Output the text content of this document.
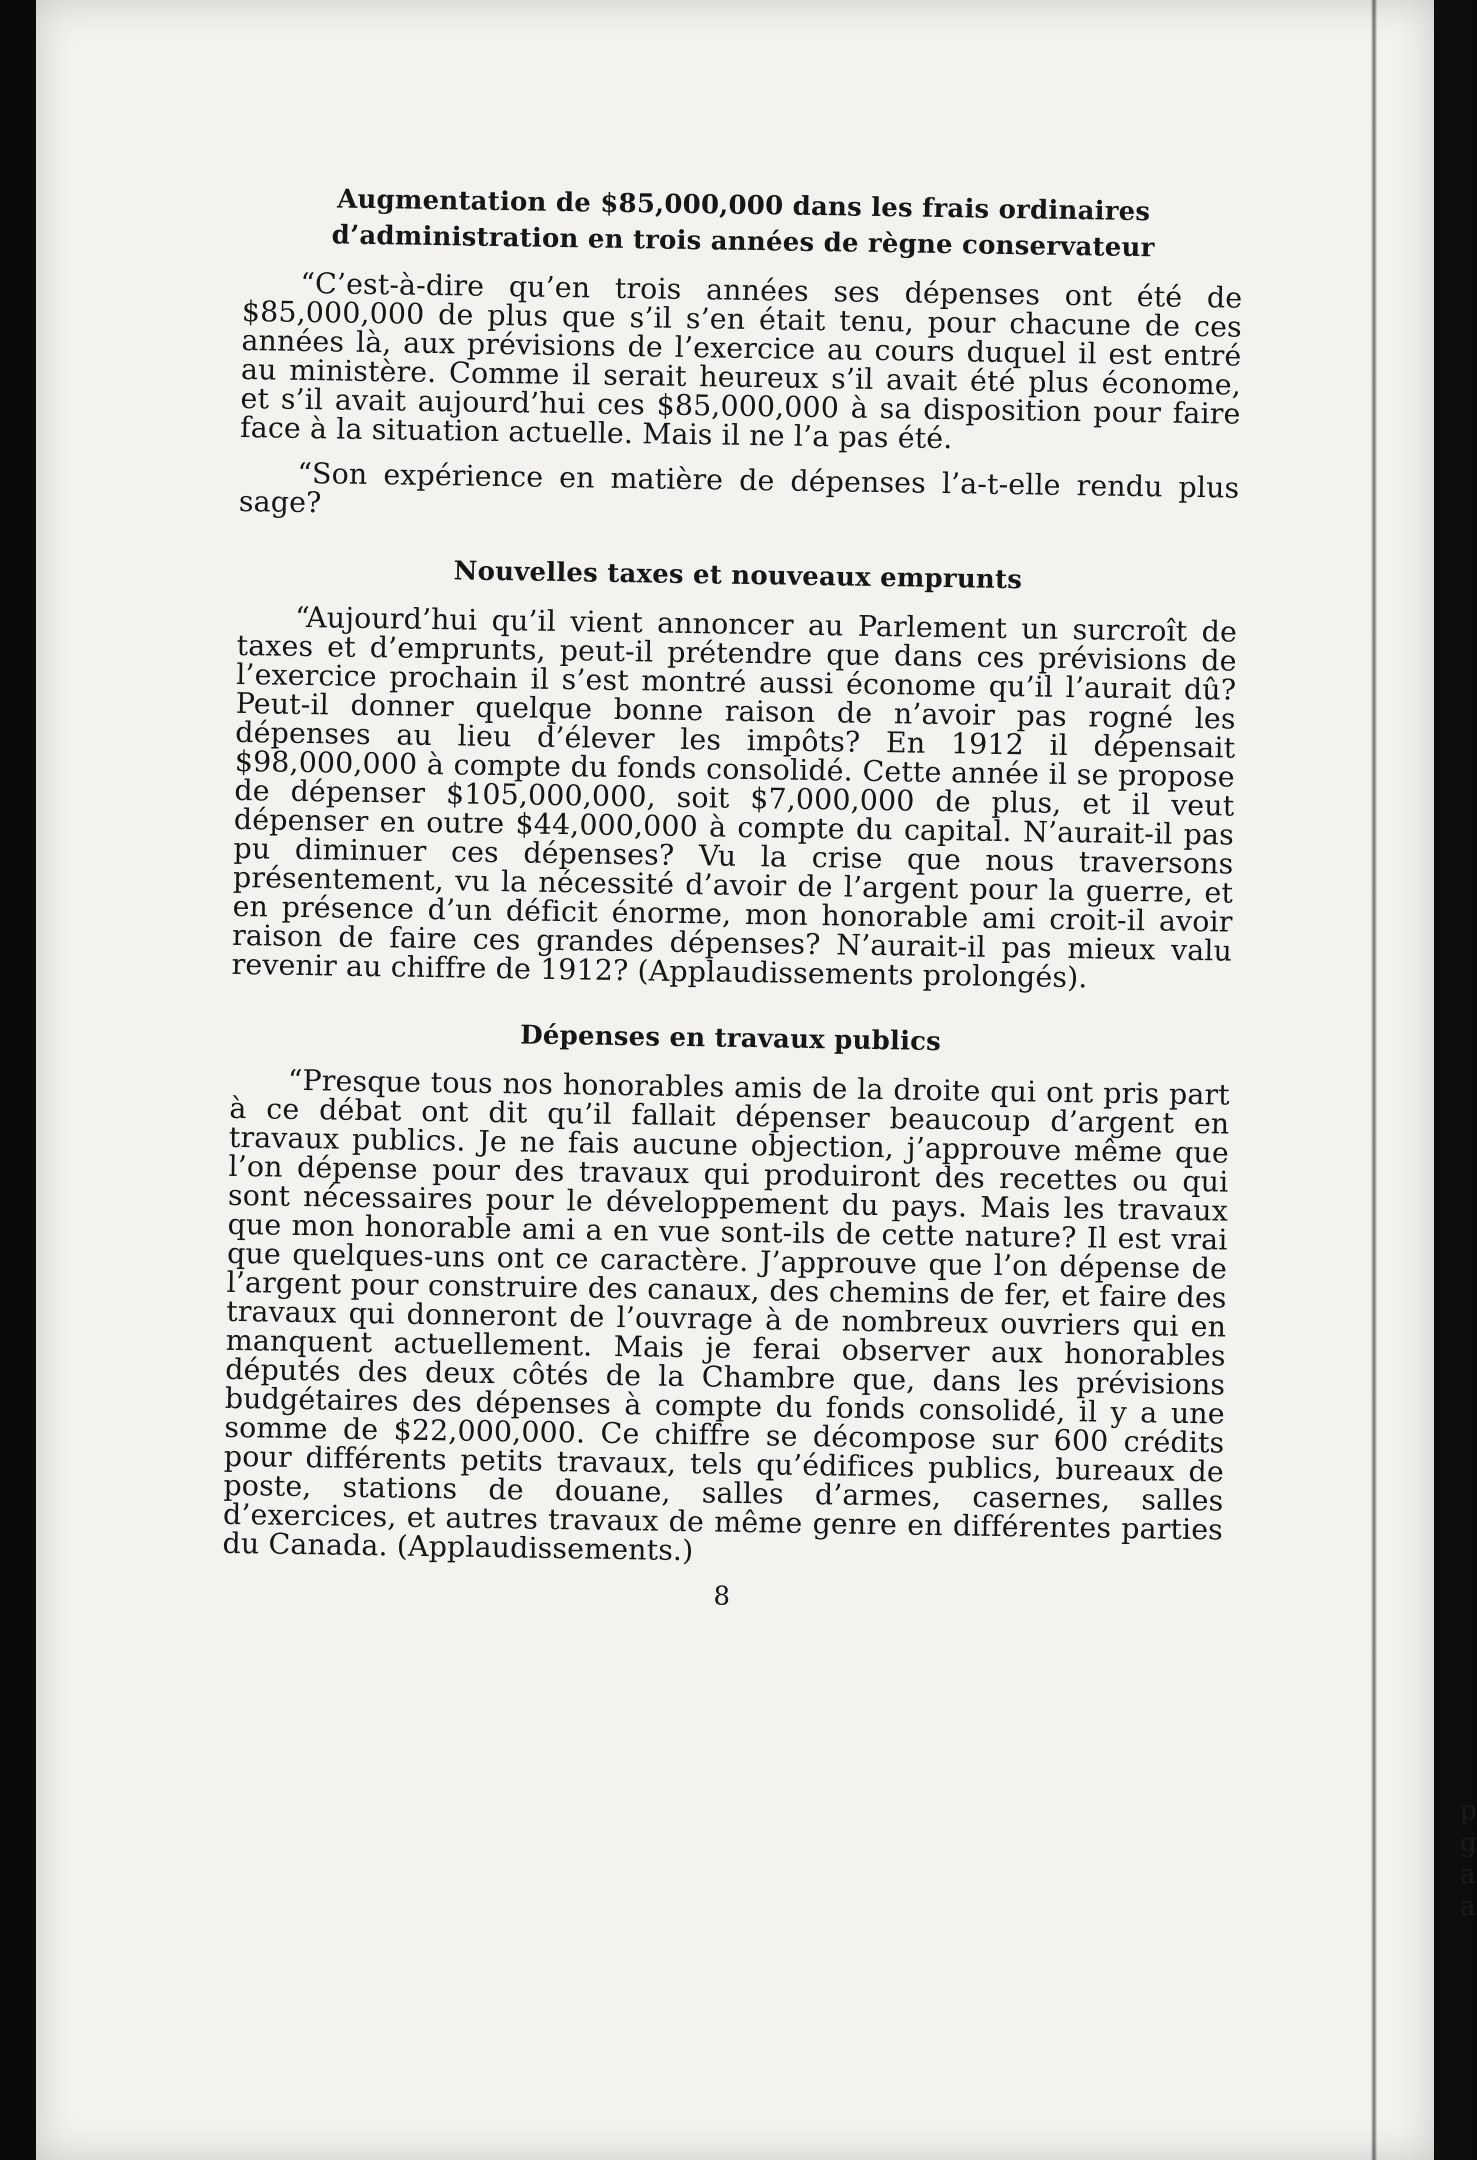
Augmentation de $85,000,000 dans les frais ordinaires d’administration en trois années de règne conservateur

“C’est-à-dire qu’en trois années ses dépenses ont été de $85,000,000 de plus que s’il s’en était tenu, pour chacune de ces années là, aux prévisions de l’exercice au cours duquel il est entré au ministère. Comme il serait heureux s’il avait été plus économe, et s’il avait aujourd’hui ces $85,000,000 à sa disposition pour faire face à la situation actuelle. Mais il ne l’a pas été.

“Son expérience en matière de dépenses l’a-t-elle rendu plus sage?

Nouvelles taxes et nouveaux emprunts

“Aujourd’hui qu’il vient annoncer au Parlement un surcroît de taxes et d’emprunts, peut-il prétendre que dans ces prévisions de l’exercice prochain il s’est montré aussi économe qu’il l’aurait dû? Peut-il donner quelque bonne raison de n’avoir pas rogné les dépenses au lieu d’élever les impôts? En 1912 il dépensait $98,000,000 à compte du fonds consolidé. Cette année il se propose de dépenser $105,000,000, soit $7,000,000 de plus, et il veut dépenser en outre $44,000,000 à compte du capital. N’aurait-il pas pu diminuer ces dépenses? Vu la crise que nous traversons présentement, vu la nécessité d’avoir de l’argent pour la guerre, et en présence d’un déficit énorme, mon honorable ami croit-il avoir raison de faire ces grandes dépenses? N’aurait-il pas mieux valu revenir au chiffre de 1912? (Applaudissements prolongés).

Dépenses en travaux publics

“Presque tous nos honorables amis de la droite qui ont pris part à ce débat ont dit qu’il fallait dépenser beaucoup d’argent en travaux publics. Je ne fais aucune objection, j’approuve même que l’on dépense pour des travaux qui produiront des recettes ou qui sont nécessaires pour le développement du pays. Mais les travaux que mon honorable ami a en vue sont-ils de cette nature? Il est vrai que quelques-uns ont ce caractère. J’approuve que l’on dépense de l’argent pour construire des canaux, des chemins de fer, et faire des travaux qui donneront de l’ouvrage à de nombreux ouvriers qui en manquent actuellement. Mais je ferai observer aux honorables députés des deux côtés de la Chambre que, dans les prévisions budgétaires des dépenses à compte du fonds consolidé, il y a une somme de $22,000,000. Ce chiffre se décompose sur 600 crédits pour différents petits travaux, tels qu’édifices publics, bureaux de poste, stations de douane, salles d’armes, casernes, salles d’exercices, et autres travaux de même genre en différentes parties du Canada. (Applaudissements.)

8
p
g
a
a
